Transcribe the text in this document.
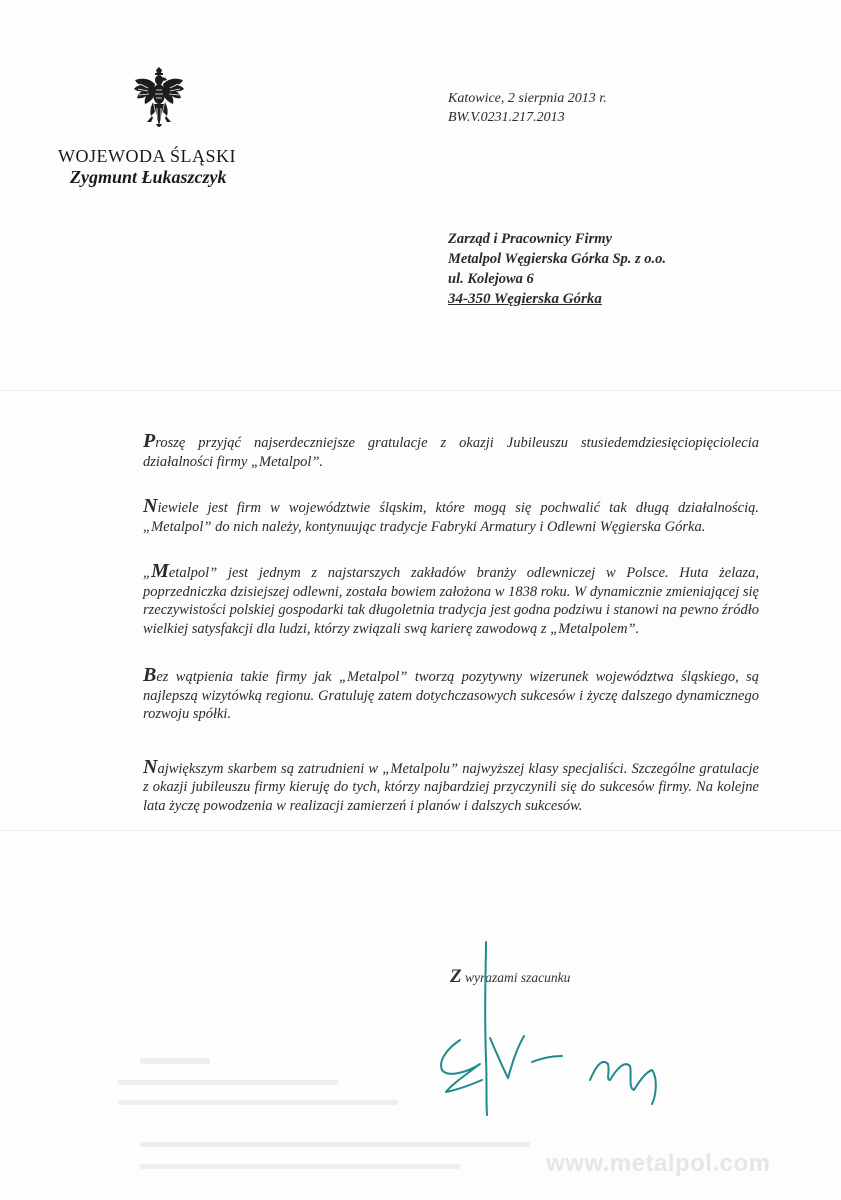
WOJEWODA ŚLĄSKI
Zygmunt Łukaszczyk
Katowice, 2 sierpnia 2013 r.
BW.V.0231.217.2013
Zarząd i Pracownicy Firmy
Metalpol Węgierska Górka Sp. z o.o.
ul. Kolejowa 6
34-350 Węgierska Górka

Proszę przyjąć najserdeczniejsze gratulacje z okazji Jubileuszu stusiedemdziesięciopięciolecia działalności firmy „Metalpol”.

Niewiele jest firm w województwie śląskim, które mogą się pochwalić tak długą działalnością. „Metalpol” do nich należy, kontynuując tradycje Fabryki Armatury i Odlewni Węgierska Górka.

„Metalpol” jest jednym z najstarszych zakładów branży odlewniczej w Polsce. Huta żelaza, poprzedniczka dzisiejszej odlewni, została bowiem założona w 1838 roku. W dynamicznie zmieniającej się rzeczywistości polskiej gospodarki tak długoletnia tradycja jest godna podziwu i stanowi na pewno źródło wielkiej satysfakcji dla ludzi, którzy związali swą karierę zawodową z „Metalpolem”.

Bez wątpienia takie firmy jak „Metalpol” tworzą pozytywny wizerunek województwa śląskiego, są najlepszą wizytówką regionu. Gratuluję zatem dotychczasowych sukcesów i życzę dalszego dynamicznego rozwoju spółki.

Największym skarbem są zatrudnieni w „Metalpolu” najwyższej klasy specjaliści. Szczególne gratulacje z okazji jubileuszu firmy kieruję do tych, którzy najbardziej przyczynili się do sukcesów firmy. Na kolejne lata życzę powodzenia w realizacji zamierzeń i planów i dalszych sukcesów.

Z wyrazami szacunku
www.metalpol.com
